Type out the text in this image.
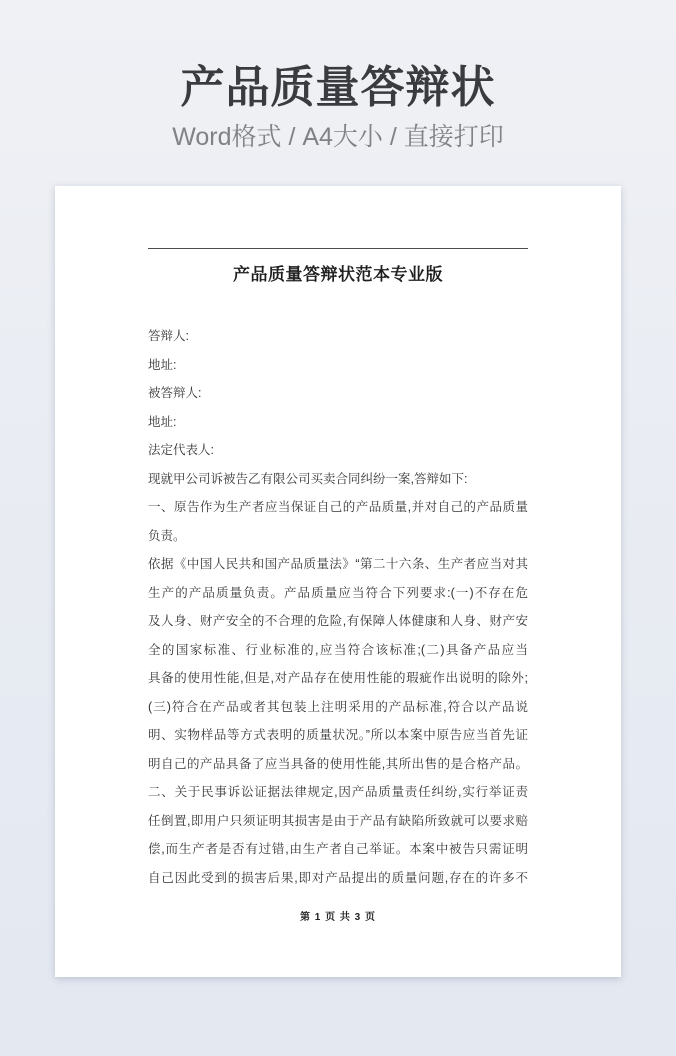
产品质量答辩状
Word格式 / A4大小 / 直接打印
产品质量答辩状范本专业版
答辩人:
地址:
被答辩人:
地址:
法定代表人:
现就甲公司诉被告乙有限公司买卖合同纠纷一案,答辩如下:
一、原告作为生产者应当保证自己的产品质量,并对自己的产品质量
负责。
依据《中国人民共和国产品质量法》“第二十六条、生产者应当对其
生产的产品质量负责。产品质量应当符合下列要求:(一)不存在危
及人身、财产安全的不合理的危险,有保障人体健康和人身、财产安
全的国家标准、行业标准的,应当符合该标准;(二)具备产品应当
具备的使用性能,但是,对产品存在使用性能的瑕疵作出说明的除外;
(三)符合在产品或者其包装上注明采用的产品标准,符合以产品说
明、实物样品等方式表明的质量状况。”所以本案中原告应当首先证
明自己的产品具备了应当具备的使用性能,其所出售的是合格产品。
二、关于民事诉讼证据法律规定,因产品质量责任纠纷,实行举证责
任倒置,即用户只须证明其损害是由于产品有缺陷所致就可以要求赔
偿,而生产者是否有过错,由生产者自己举证。本案中被告只需证明
自己因此受到的损害后果,即对产品提出的质量问题,存在的许多不
第 1 页 共 3 页
